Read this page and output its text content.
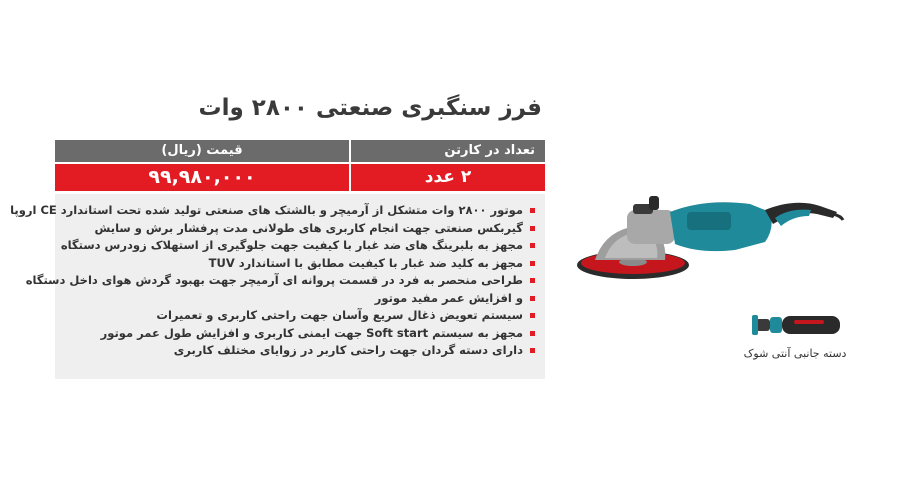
فرز سنگبری صنعتی ۲۸۰۰ وات
تعداد در کارتن
قیمت (ریال)
۲ عدد
۹۹,۹۸۰,۰۰۰
موتور ۲۸۰۰ وات متشکل از آرمیچر و بالشتک های صنعتی تولید شده تحت استاندارد CE اروپا
گیربکس صنعتی جهت انجام کاربری های طولانی مدت پرفشار برش و سایش
مجهز به بلبرینگ های ضد غبار با کیفیت جهت جلوگیری از استهلاک زودرس دستگاه
مجهز به کلید ضد غبار با کیفیت مطابق با استاندارد TUV
طراحی منحصر به فرد در قسمت پروانه ای آرمیچر جهت بهبود گردش هوای داخل دستگاه
و افزایش عمر مفید موتور
سیستم تعویض ذغال سریع وآسان جهت راحتی کاربری و تعمیرات
مجهز به سیستم Soft start جهت ایمنی کاربری و افزایش طول عمر موتور
دارای دسته گردان جهت راحتی کاربر در زوایای مختلف کاربری	دسته جانبی آنتی شوک
